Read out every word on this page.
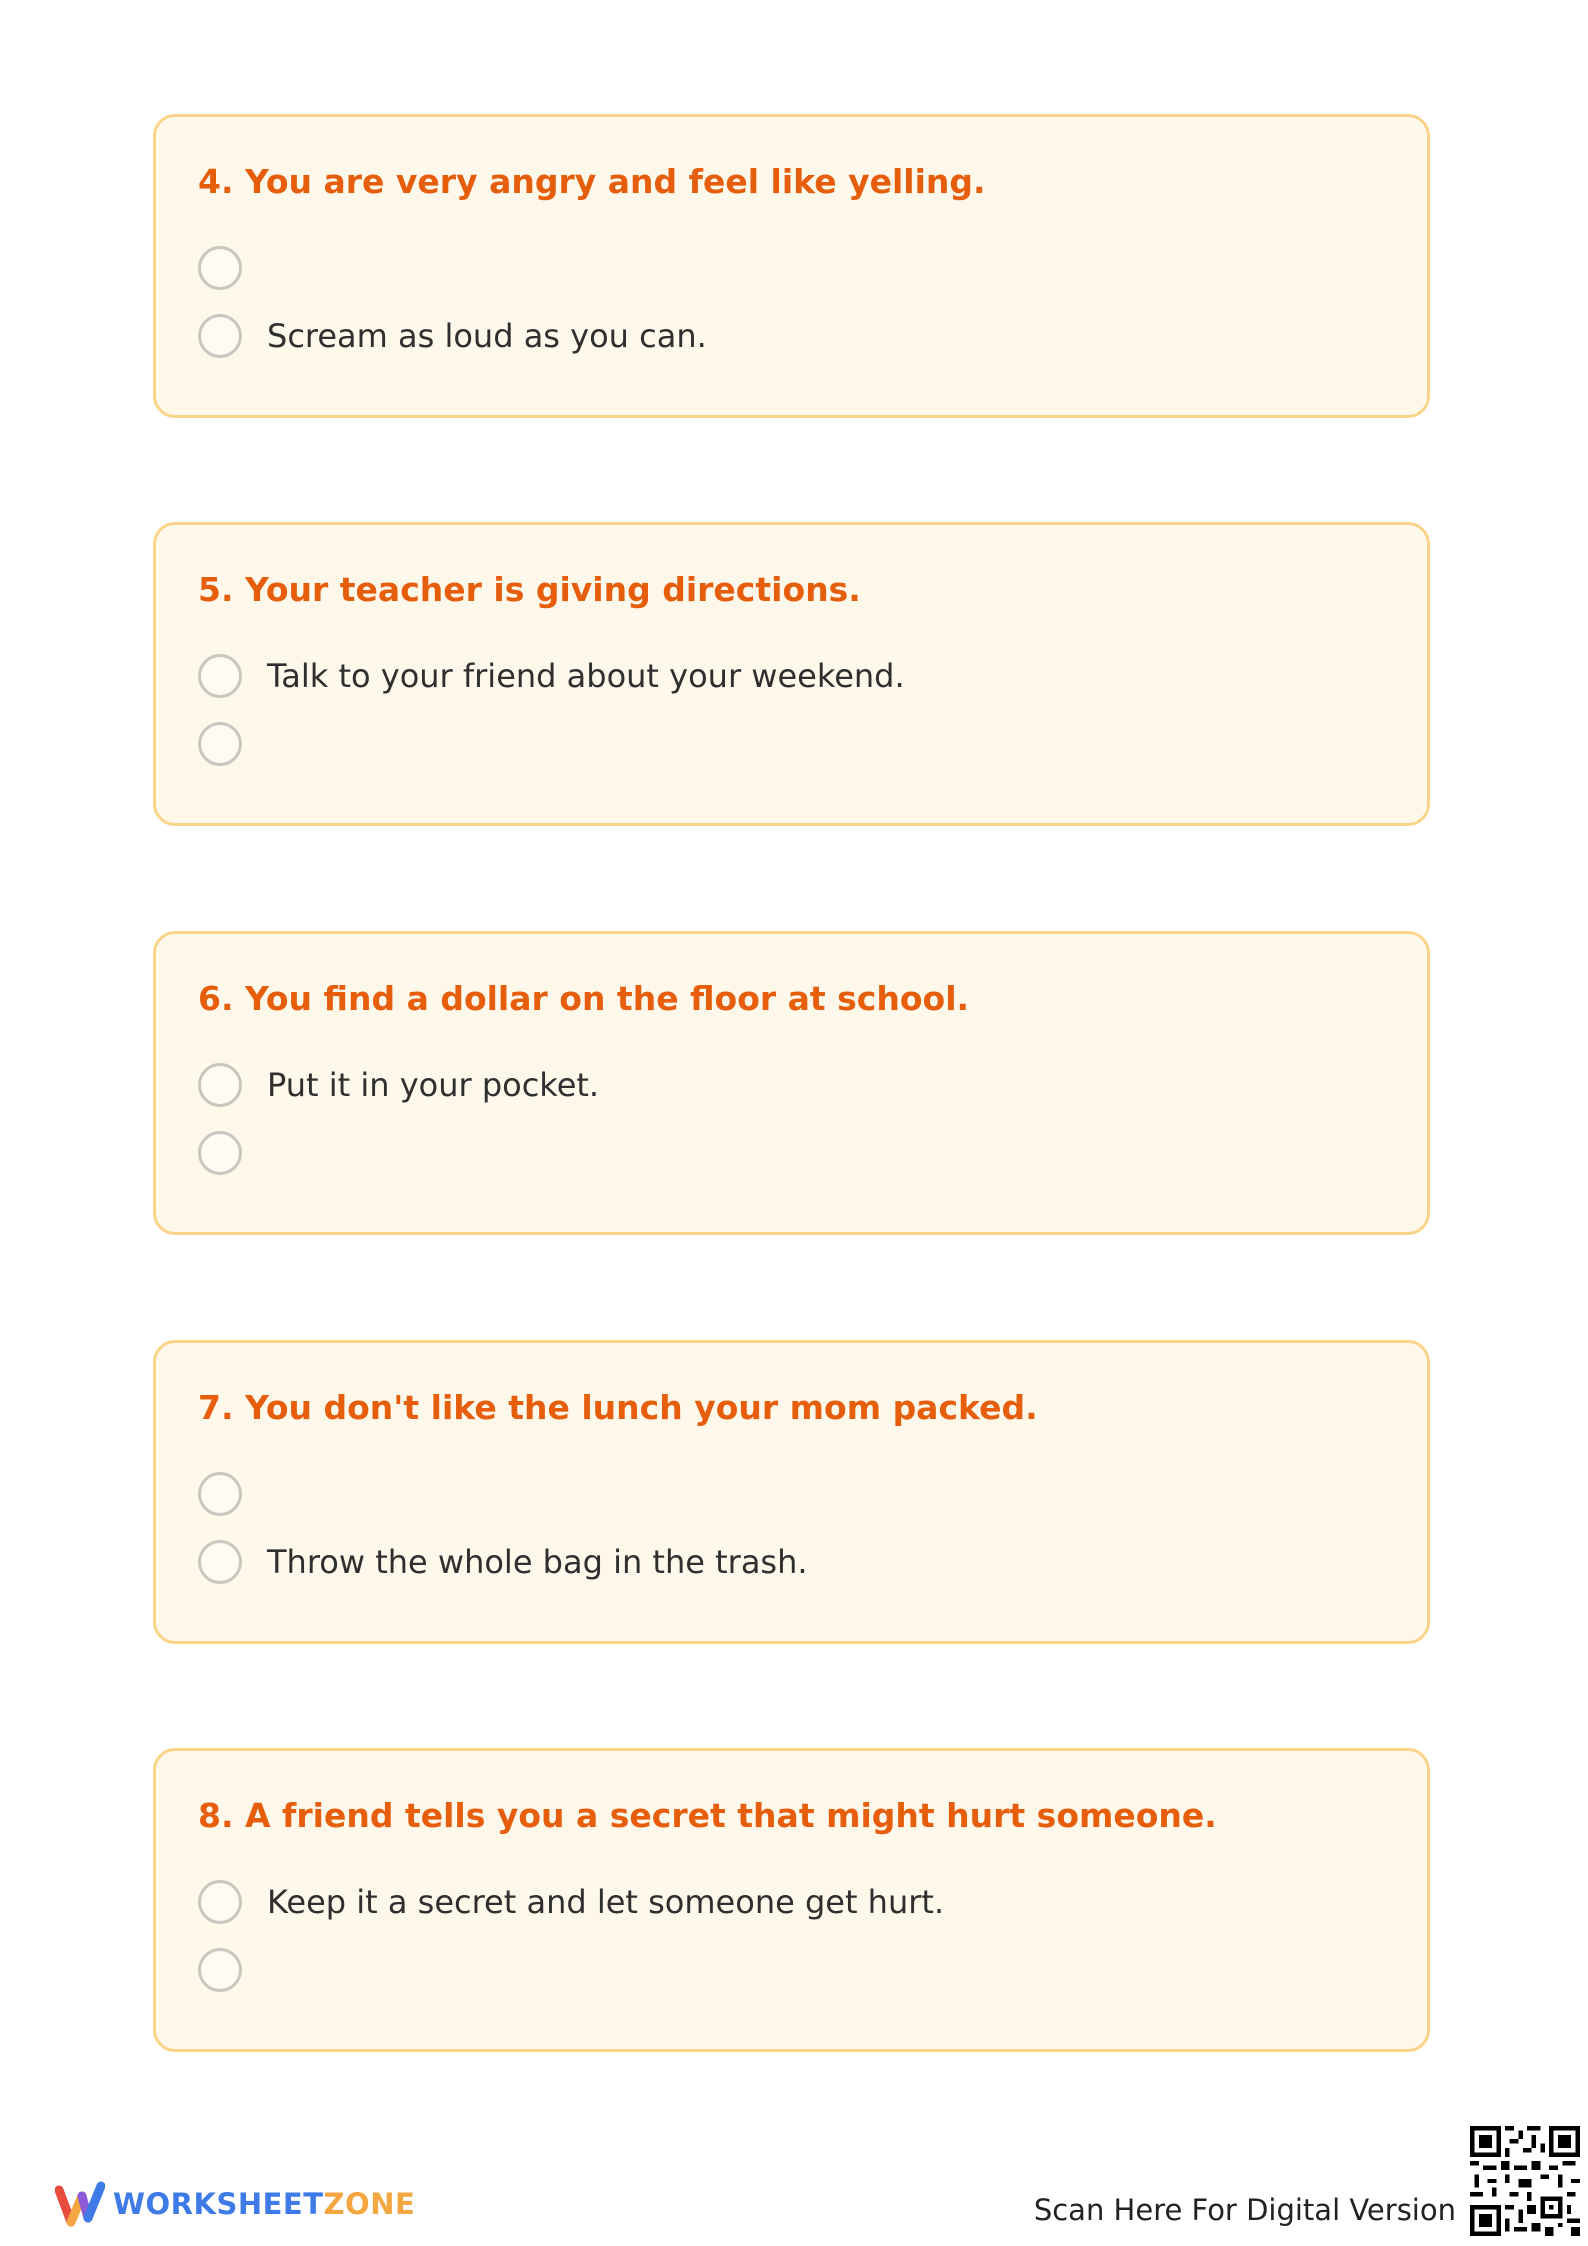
4. You are very angry and feel like yelling.
Scream as loud as you can.
5. Your teacher is giving directions.
Talk to your friend about your weekend.
6. You find a dollar on the floor at school.
Put it in your pocket.
7. You don't like the lunch your mom packed.
Throw the whole bag in the trash.
8. A friend tells you a secret that might hurt someone.
Keep it a secret and let someone get hurt.
WORKSHEETZONE	Scan Here For Digital Version
